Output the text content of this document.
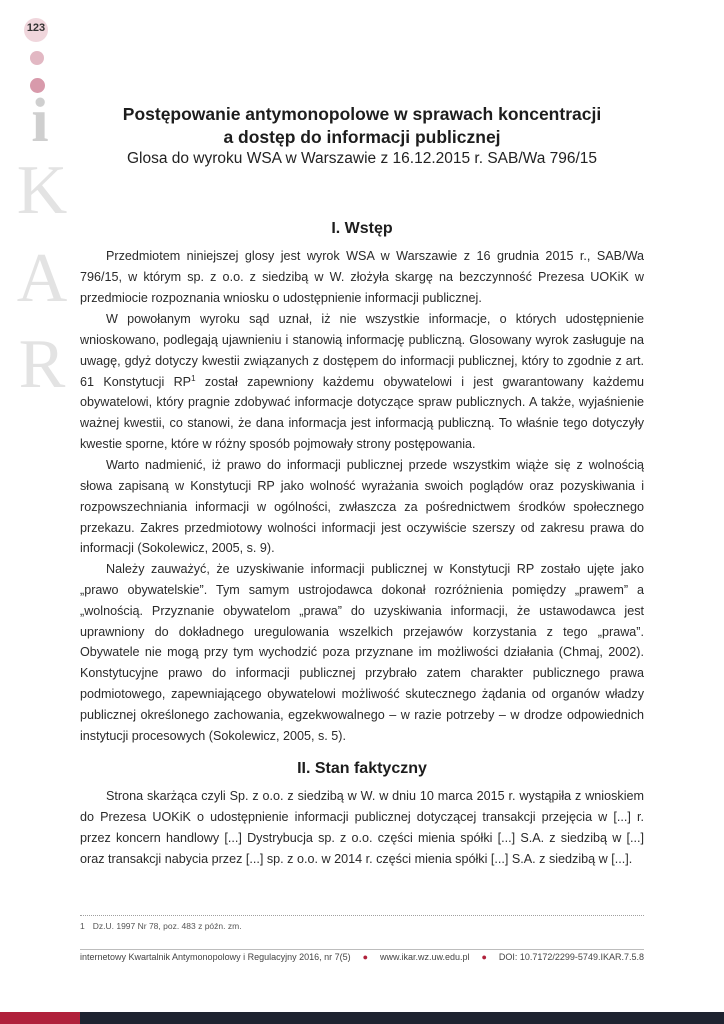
123
i
K
A
R
Postępowanie antymonopolowe w sprawach koncentracji
a dostęp do informacji publicznej
Glosa do wyroku WSA w Warszawie z 16.12.2015 r. SAB/Wa 796/15
I. Wstęp

Przedmiotem niniejszej glosy jest wyrok WSA w Warszawie z 16 grudnia 2015 r., SAB/Wa 796/15, w którym sp. z o.o. z siedzibą w W. złożyła skargę na bezczynność Prezesa UOKiK w przedmiocie rozpoznania wniosku o udostępnienie informacji publicznej.

W powołanym wyroku sąd uznał, iż nie wszystkie informacje, o których udostępnienie wnioskowano, podlegają ujawnieniu i stanowią informację publiczną. Glosowany wyrok zasługuje na uwagę, gdyż dotyczy kwestii związanych z dostępem do informacji publicznej, który to zgodnie z art. 61 Konstytucji $RP^1$ został zapewniony każdemu obywatelowi i jest gwarantowany każdemu obywatelowi, który pragnie zdobywać informacje dotyczące spraw publicznych. A także, wyjaśnienie ważnej kwestii, co stanowi, że dana informacja jest informacją publiczną. To właśnie tego dotyczyły kwestie sporne, które w różny sposób pojmowały strony postępowania.

Warto nadmienić, iż prawo do informacji publicznej przede wszystkim wiąże się z wolnością słowa zapisaną w Konstytucji RP jako wolność wyrażania swoich poglądów oraz pozyskiwania i rozpowszechniania informacji w ogólności, zwłaszcza za pośrednictwem środków społecznego przekazu. Zakres przedmiotowy wolności informacji jest oczywiście szerszy od zakresu prawa do informacji (Sokolewicz, 2005, s. 9).

Należy zauważyć, że uzyskiwanie informacji publicznej w Konstytucji RP zostało ujęte jako „prawo obywatelskie”. Tym samym ustrojodawca dokonał rozróżnienia pomiędzy „prawem” a „wolnością. Przyznanie obywatelom „prawa” do uzyskiwania informacji, że ustawodawca jest uprawniony do dokładnego uregulowania wszelkich przejawów korzystania z tego „prawa”. Obywatele nie mogą przy tym wychodzić poza przyznane im możliwości działania (Chmaj, 2002). Konstytucyjne prawo do informacji publicznej przybrało zatem charakter publicznego prawa podmiotowego, zapewniającego obywatelowi możliwość skutecznego żądania od organów władzy publicznej określonego zachowania, egzekwowalnego – w razie potrzeby – w drodze odpowiednich instytucji procesowych (Sokolewicz, 2005, s. 5).

II. Stan faktyczny

Strona skarżąca czyli Sp. z o.o. z siedzibą w W. w dniu 10 marca 2015 r. wystąpiła z wnioskiem do Prezesa UOKiK o udostępnienie informacji publicznej dotyczącej transakcji przejęcia w [...] r. przez koncern handlowy [...] Dystrybucja sp. z o.o. części mienia spółki [...] S.A. z siedzibą w [...] oraz transakcji nabycia przez [...] sp. z o.o. w 2014 r. części mienia spółki [...] S.A. z siedzibą w [...].

1 Dz.U. 1997 Nr 78, poz. 483 z późn. zm.
internetowy Kwartalnik Antymonopolowy i Regulacyjny 2016, nr 7(5) ● www.ikar.wz.uw.edu.pl ● DOI: 10.7172/2299-5749.IKAR.7.5.8
